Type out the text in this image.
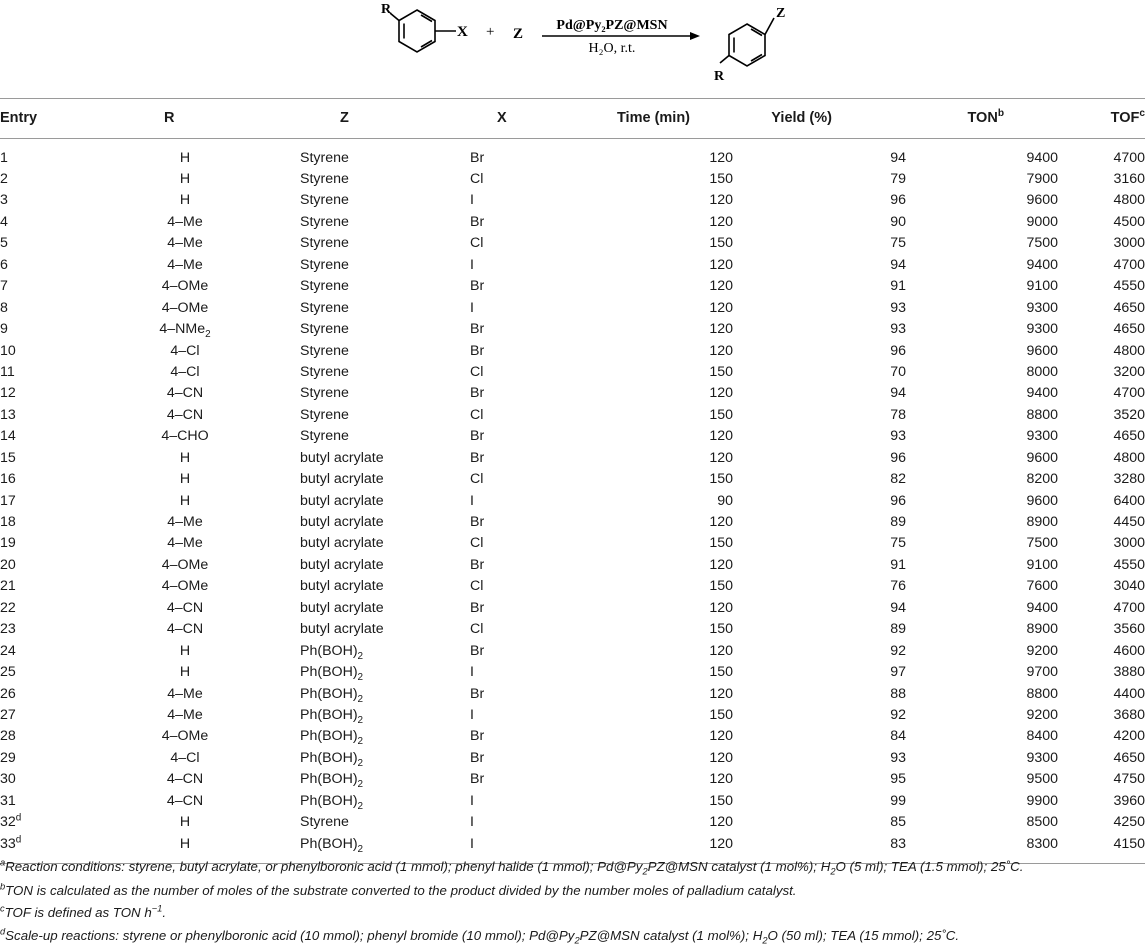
R
X + Z
Pd@Py₂PZ@MSN
H₂O, r.t.
Z
R
Entry	R	Z	X	Time (min)	Yield (%)	TON$^b$	TOF$^c$
1	H		Styrene	Br	120	94	9400	4700
2	H		Styrene	Cl	150	79	7900	3160
3	H		Styrene	I	120	96	9600	4800
4	4–Me		Styrene	Br	120	90	9000	4500
5	4–Me		Styrene	Cl	150	75	7500	3000
6	4–Me		Styrene	I	120	94	9400	4700
7	4–OMe		Styrene	Br	120	91	9100	4550
8	4–OMe		Styrene	I	120	93	9300	4650
9	4–NMe$_2$		Styrene	Br	120	93	9300	4650
10	4–Cl		Styrene	Br	120	96	9600	4800
11	4–Cl		Styrene	Cl	150	70	8000	3200
12	4–CN		Styrene	Br	120	94	9400	4700
13	4–CN		Styrene	Cl	150	78	8800	3520
14	4–CHO		Styrene	Br	120	93	9300	4650
15	H		butyl acrylate	Br	120	96	9600	4800
16	H		butyl acrylate	Cl	150	82	8200	3280
17	H		butyl acrylate	I	90	96	9600	6400
18	4–Me		butyl acrylate	Br	120	89	8900	4450
19	4–Me		butyl acrylate	Cl	150	75	7500	3000
20	4–OMe		butyl acrylate	Br	120	91	9100	4550
21	4–OMe		butyl acrylate	Cl	150	76	7600	3040
22	4–CN		butyl acrylate	Br	120	94	9400	4700
23	4–CN		butyl acrylate	Cl	150	89	8900	3560
24	H		$Ph(BOH)_2$	Br	120	92	9200	4600
25	H		$Ph(BOH)_2$	I	150	97	9700	3880
26	4–Me		$Ph(BOH)_2$	Br	120	88	8800	4400
27	4–Me		$Ph(BOH)_2$	I	150	92	9200	3680
28	4–OMe		$Ph(BOH)_2$	Br	120	84	8400	4200
29	4–Cl		$Ph(BOH)_2$	Br	120	93	9300	4650
30	4–CN		$Ph(BOH)_2$	Br	120	95	9500	4750
31	4–CN		$Ph(BOH)_2$	I	150	99	9900	3960
32$^d$	H		Styrene	I	120	85	8500	4250
33$^d$	H		$Ph(BOH)_2$	I	120	83	8300	4150
$^a$Reaction conditions: styrene, butyl acrylate, or phenylboronic acid (1 mmol); phenyl halide (1 mmol); $Pd@Py_2PZ@MSN$ catalyst (1 mol%); $H_2O$ (5 ml); TEA (1.5 mmol); 25˚C.
$^b$TON is calculated as the number of moles of the substrate converted to the product divided by the number moles of palladium catalyst.
$^c$TOF is defined as TON $h^{-1}$.
$^d$Scale-up reactions: styrene or phenylboronic acid (10 mmol); phenyl bromide (10 mmol); $Pd@Py_2PZ@MSN$ catalyst (1 mol%); $H_2O$ (50 ml); TEA (15 mmol); 25˚C.
